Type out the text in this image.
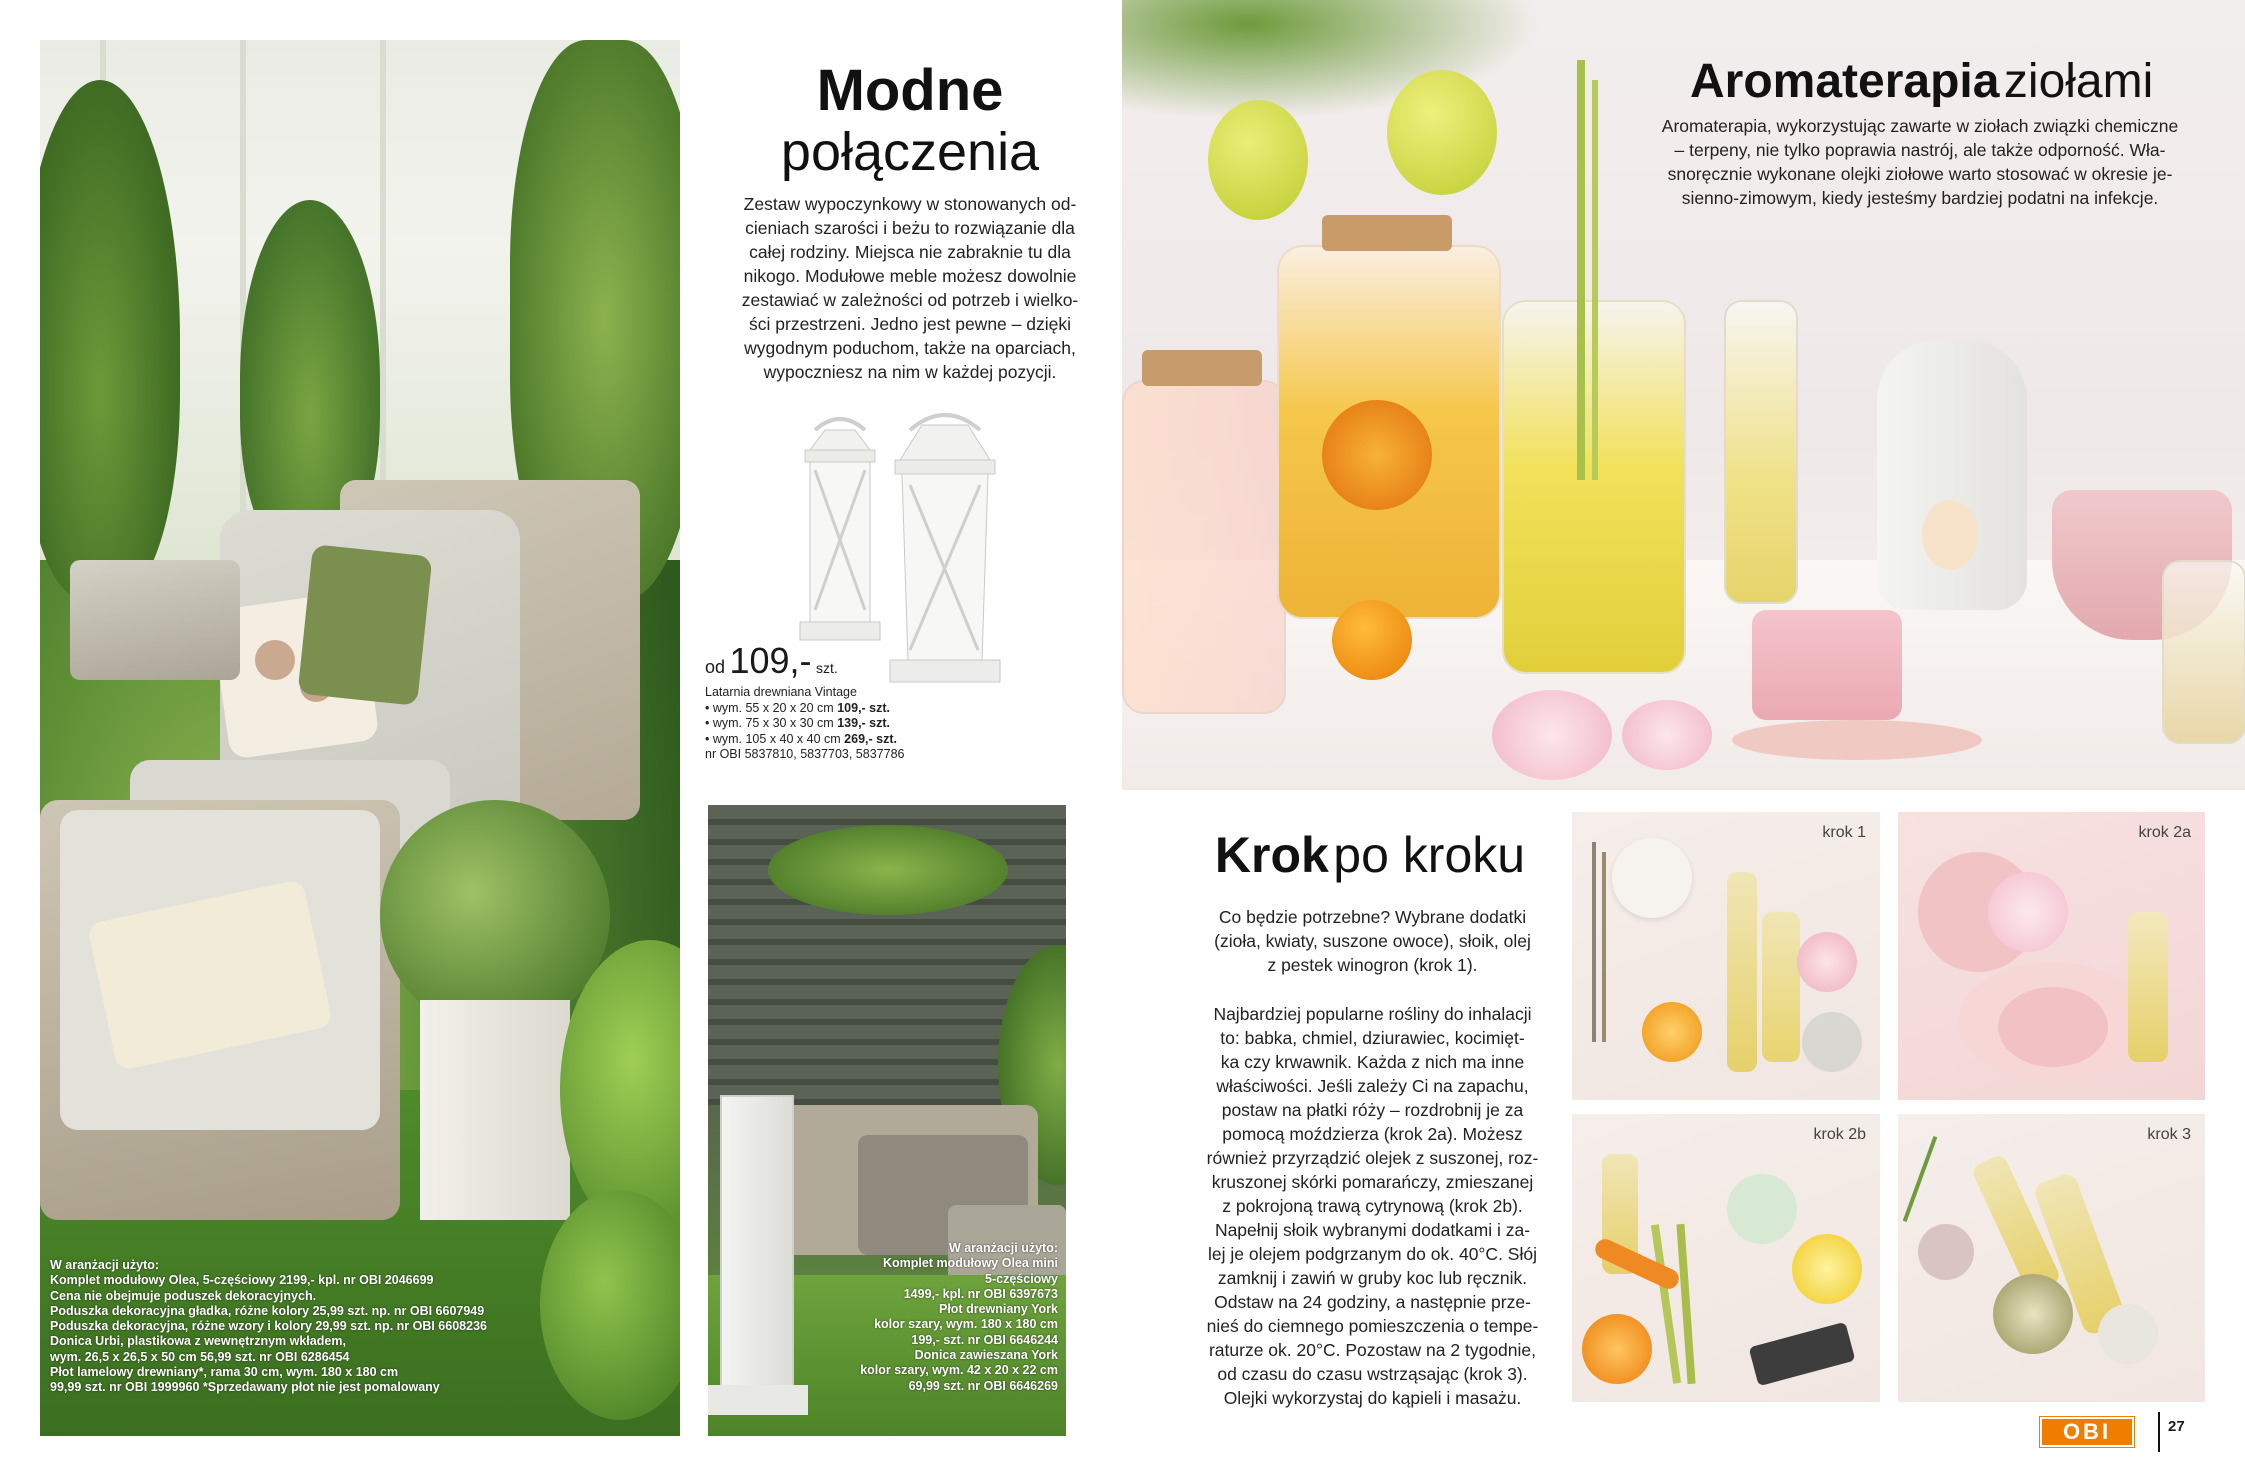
W aranżacji użyto:
Komplet modułowy Olea, 5-częściowy 2199,- kpl. nr OBI 2046699
Cena nie obejmuje poduszek dekoracyjnych.
Poduszka dekoracyjna gładka, różne kolory 25,99 szt. np. nr OBI 6607949
Poduszka dekoracyjna, różne wzory i kolory 29,99 szt. np. nr OBI 6608236
Donica Urbi, plastikowa z wewnętrznym wkładem,
wym. 26,5 x 26,5 x 50 cm 56,99 szt. nr OBI 6286454
Płot lamelowy drewniany*, rama 30 cm, wym. 180 x 180 cm
99,99 szt. nr OBI 1999960 *Sprzedawany płot nie jest pomalowany
Modne
połączenia
Zestaw wypoczynkowy w stonowanych od-
cieniach szarości i beżu to rozwiązanie dla
całej rodziny. Miejsca nie zabraknie tu dla
nikogo. Modułowe meble możesz dowolnie
zestawiać w zależności od potrzeb i wielko-
ści przestrzeni. Jedno jest pewne – dzięki
wygodnym poduchom, także na oparciach,
wypoczniesz na nim w każdej pozycji.
od 109,- szt.
Latarnia drewniana Vintage
• wym. 55 x 20 x 20 cm 109,- szt.
• wym. 75 x 30 x 30 cm 139,- szt.
• wym. 105 x 40 x 40 cm 269,- szt.
nr OBI 5837810, 5837703, 5837786
W aranżacji użyto:
Komplet modułowy Olea mini
5-częściowy
1499,- kpl. nr OBI 6397673
Płot drewniany York
kolor szary, wym. 180 x 180 cm
199,- szt. nr OBI 6646244
Donica zawieszana York
kolor szary, wym. 42 x 20 x 22 cm
69,99 szt. nr OBI 6646269
Aromaterapia ziołami
Aromaterapia, wykorzystując zawarte w ziołach związki chemiczne
– terpeny, nie tylko poprawia nastrój, ale także odporność. Wła-
snoręcznie wykonane olejki ziołowe warto stosować w okresie je-
sienno-zimowym, kiedy jesteśmy bardziej podatni na infekcje.
Krok po kroku
Co będzie potrzebne? Wybrane dodatki
(zioła, kwiaty, suszone owoce), słoik, olej
z pestek winogron (krok 1).
Najbardziej popularne rośliny do inhalacji
to: babka, chmiel, dziurawiec, kocimięt-
ka czy krwawnik. Każda z nich ma inne
właściwości. Jeśli zależy Ci na zapachu,
postaw na płatki róży – rozdrobnij je za
pomocą moździerza (krok 2a). Możesz
również przyrządzić olejek z suszonej, roz-
kruszonej skórki pomarańczy, zmieszanej
z pokrojoną trawą cytrynową (krok 2b).
Napełnij słoik wybranymi dodatkami i za-
lej je olejem podgrzanym do ok. 40°C. Słój
zamknij i zawiń w gruby koc lub ręcznik.
Odstaw na 24 godziny, a następnie prze-
nieś do ciemnego pomieszczenia o tempe-
raturze ok. 20°C. Pozostaw na 2 tygodnie,
od czasu do czasu wstrząsając (krok 3).
Olejki wykorzystaj do kąpieli i masażu.
krok 1	krok 2a
krok 2b	krok 3
OBI	27
